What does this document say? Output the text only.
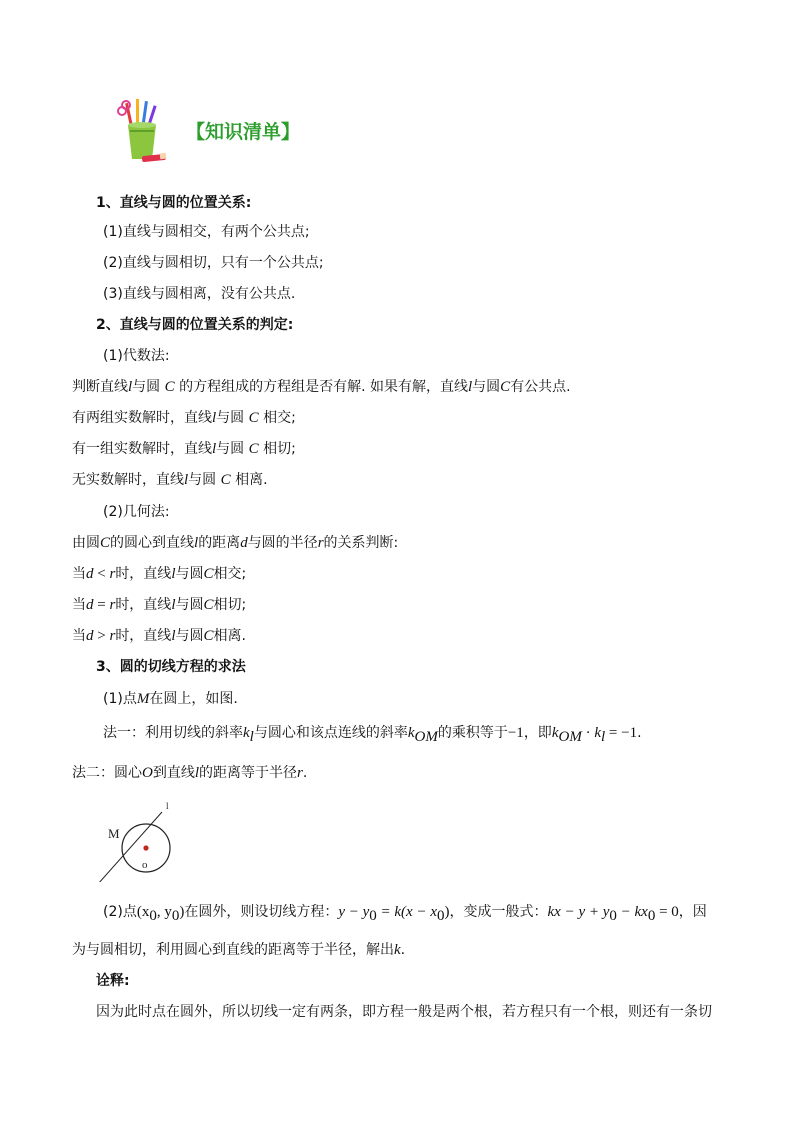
【知识清单】
1、直线与圆的位置关系:
(1)直线与圆相交，有两个公共点;
(2)直线与圆相切，只有一个公共点;
(3)直线与圆相离，没有公共点.
2、直线与圆的位置关系的判定:
(1)代数法:
判断直线l与圆 C 的方程组成的方程组是否有解. 如果有解，直线l与圆C有公共点.
有两组实数解时，直线l与圆 C 相交;
有一组实数解时，直线l与圆 C 相切;
无实数解时，直线l与圆 C 相离.
(2)几何法:
由圆C的圆心到直线l的距离d与圆的半径r的关系判断:
当d < r时，直线l与圆C相交;
当d = r时，直线l与圆C相切;
当d > r时，直线l与圆C相离.
3、圆的切线方程的求法
(1)点M在圆上，如图.
法一：利用切线的斜率$k_l$与圆心和该点连线的斜率$k_{OM}$的乘积等于−1，即$k_{OM} \cdot k_l = -1$.
法二：圆心O到直线l的距离等于半径r.
M
o
l
(2)点($x_0$, $y_0$)在圆外，则设切线方程：$y - y_0 = k(x - x_0)$，变成一般式：kx − $y + y_0 - kx_0 = 0$，因
为与圆相切，利用圆心到直线的距离等于半径，解出k.
诠释:
因为此时点在圆外，所以切线一定有两条，即方程一般是两个根，若方程只有一个根，则还有一条切
